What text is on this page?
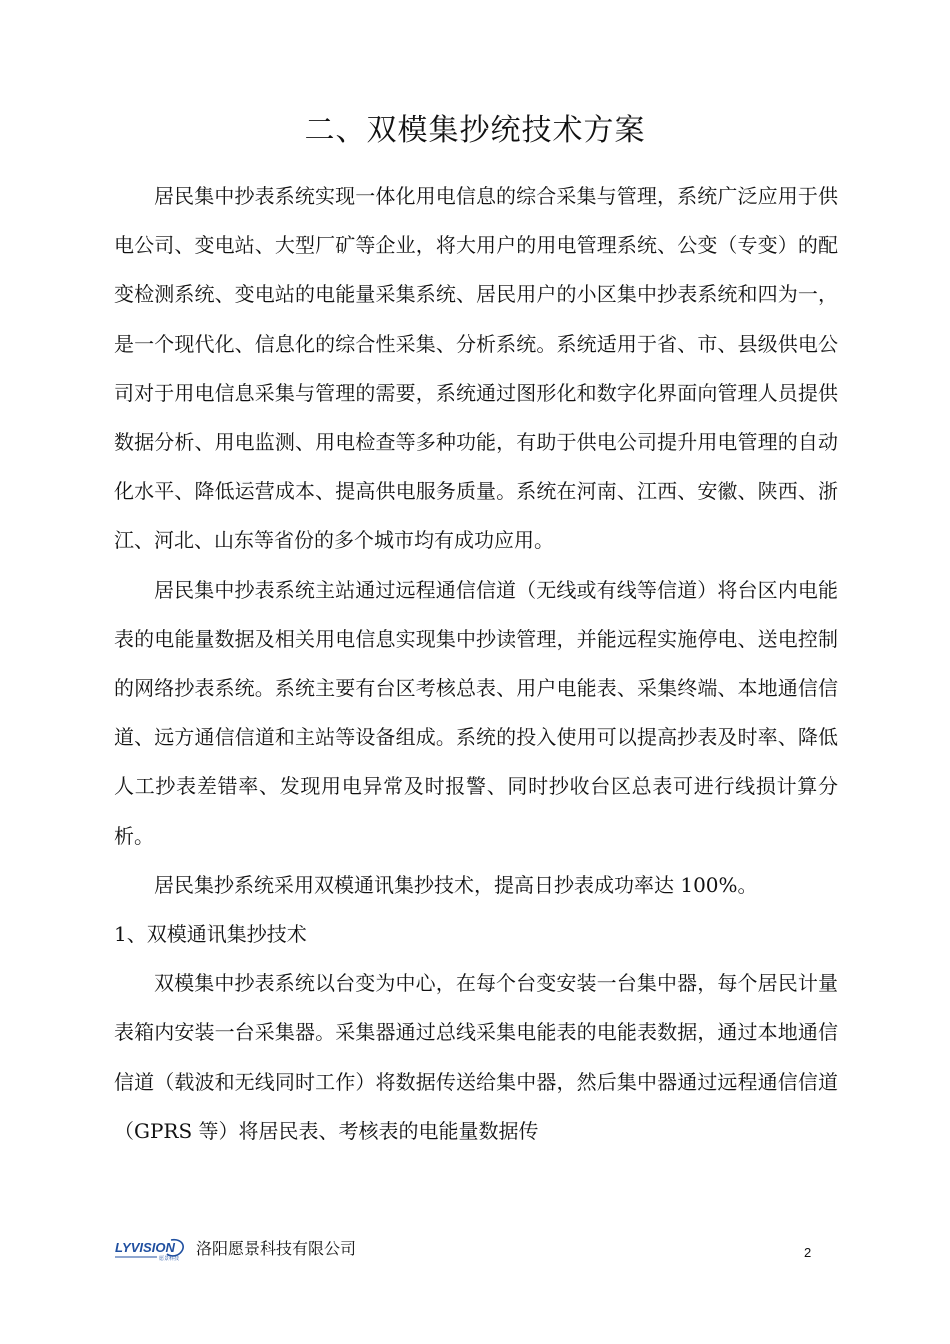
二、双模集抄统技术方案

居民集中抄表系统实现一体化用电信息的综合采集与管理，系统广泛应用于供电公司、变电站、大型厂矿等企业，将大用户的用电管理系统、公变（专变）的配变检测系统、变电站的电能量采集系统、居民用户的小区集中抄表系统和四为一，是一个现代化、信息化的综合性采集、分析系统。系统适用于省、市、县级供电公司对于用电信息采集与管理的需要，系统通过图形化和数字化界面向管理人员提供数据分析、用电监测、用电检查等多种功能，有助于供电公司提升用电管理的自动化水平、降低运营成本、提高供电服务质量。系统在河南、江西、安徽、陕西、浙江、河北、山东等省份的多个城市均有成功应用。

居民集中抄表系统主站通过远程通信信道（无线或有线等信道）将台区内电能表的电能量数据及相关用电信息实现集中抄读管理，并能远程实施停电、送电控制的网络抄表系统。系统主要有台区考核总表、用户电能表、采集终端、本地通信信道、远方通信信道和主站等设备组成。系统的投入使用可以提高抄表及时率、降低人工抄表差错率、发现用电异常及时报警、同时抄收台区总表可进行线损计算分析。

居民集抄系统采用双模通讯集抄技术，提高日抄表成功率达 100%。

1、双模通讯集抄技术

双模集中抄表系统以台变为中心，在每个台变安装一台集中器，每个居民计量表箱内安装一台采集器。采集器通过总线采集电能表的电能表数据，通过本地通信信道（载波和无线同时工作）将数据传送给集中器，然后集中器通过远程通信信道（GPRS 等）将居民表、考核表的电能量数据传

LYVISION
愿景科技
洛阳愿景科技有限公司	2
